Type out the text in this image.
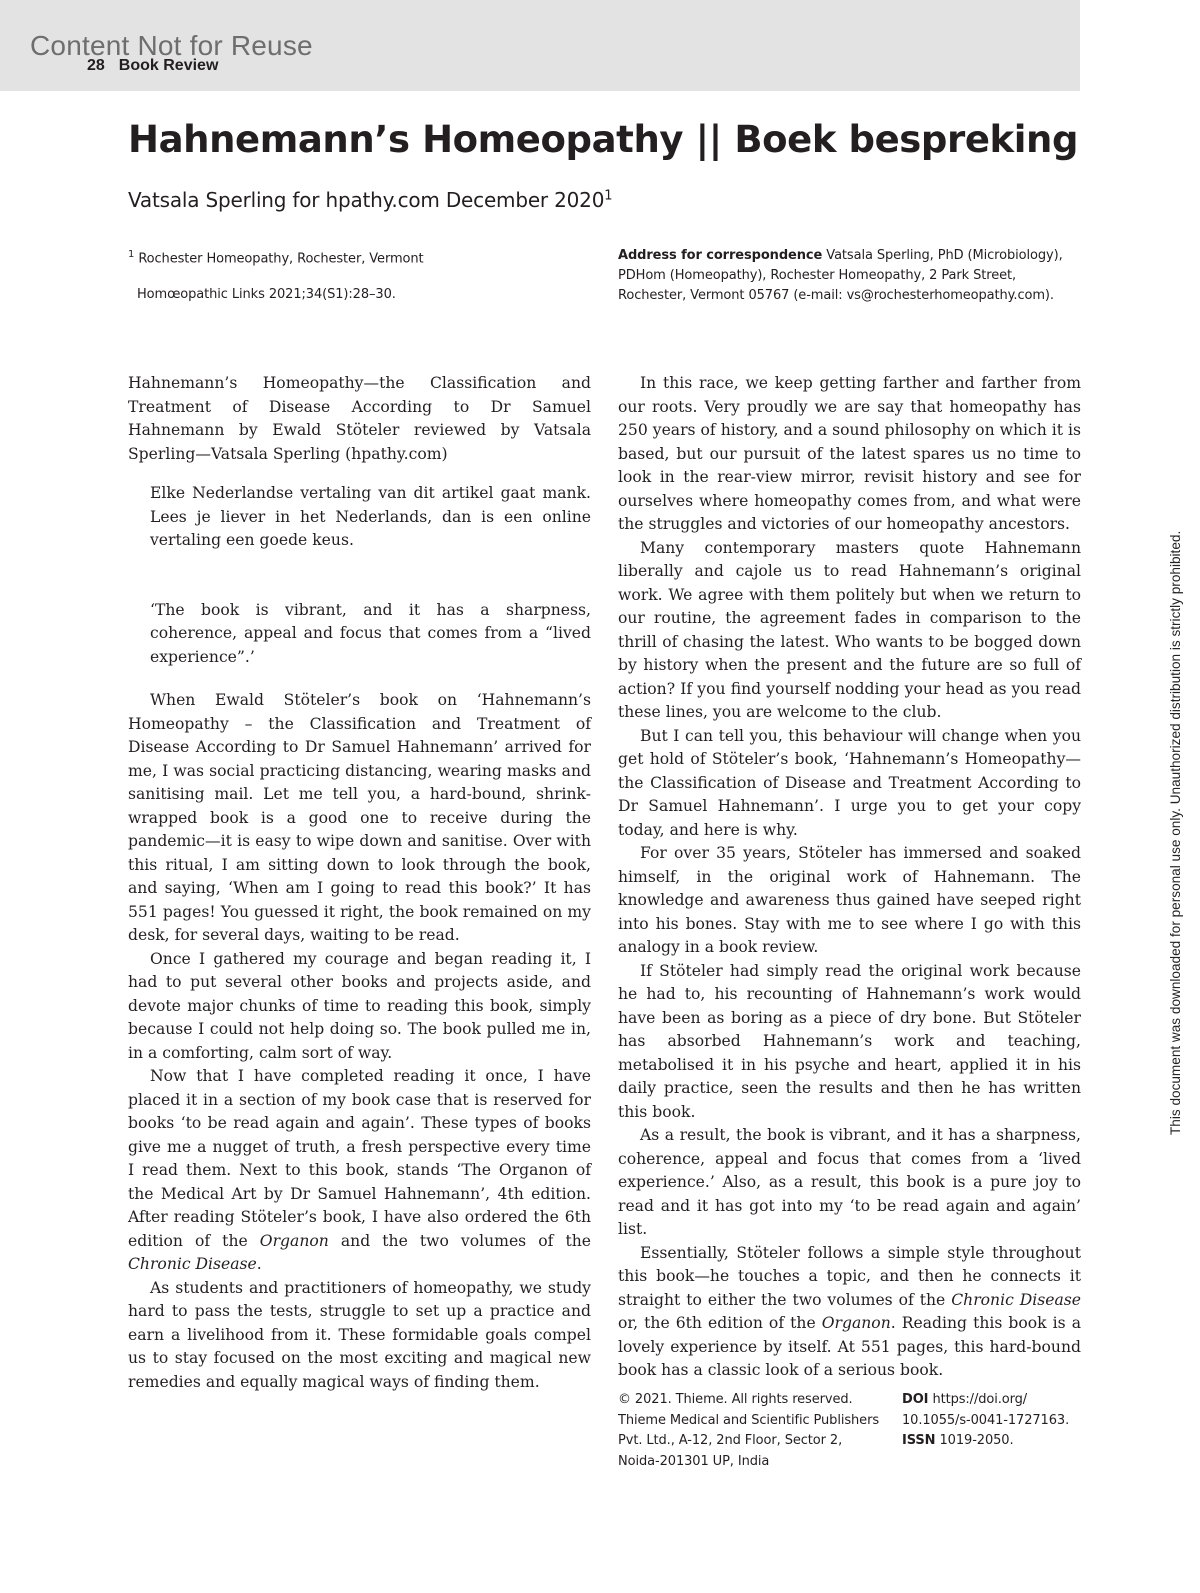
Content Not for Reuse
28 Book Review
Hahnemann’s Homeopathy || Boek bespreking
Vatsala Sperling for hpathy.com December 2020$^1$
$^1$ Rochester Homeopathy, Rochester, Vermont
Homœopathic Links 2021;34(S1):28–30.
Address for correspondence Vatsala Sperling, PhD (Microbiology),
PDHom (Homeopathy), Rochester Homeopathy, 2 Park Street,
Rochester, Vermont 05767 (e-mail: vs@rochesterhomeopathy.com).

Hahnemann’s Homeopathy—the Classification and Treatment of Disease According to Dr Samuel Hahnemann by Ewald Stöteler reviewed by Vatsala Sperling—Vatsala Sperling (hpathy.com)

Elke Nederlandse vertaling van dit artikel gaat mank. Lees je liever in het Nederlands, dan is een online vertaling een goede keus.

‘The book is vibrant, and it has a sharpness, coherence, appeal and focus that comes from a “lived experience”.’

When Ewald Stöteler’s book on ‘Hahnemann’s Homeopathy – the Classification and Treatment of Disease According to Dr Samuel Hahnemann’ arrived for me, I was social practicing distancing, wearing masks and sanitising mail. Let me tell you, a hard-bound, shrink-wrapped book is a good one to receive during the pandemic—it is easy to wipe down and sanitise. Over with this ritual, I am sitting down to look through the book, and saying, ‘When am I going to read this book?’ It has 551 pages! You guessed it right, the book remained on my desk, for several days, waiting to be read.

Once I gathered my courage and began reading it, I had to put several other books and projects aside, and devote major chunks of time to reading this book, simply because I could not help doing so. The book pulled me in, in a comforting, calm sort of way.

Now that I have completed reading it once, I have placed it in a section of my book case that is reserved for books ‘to be read again and again’. These types of books give me a nugget of truth, a fresh perspective every time I read them. Next to this book, stands ‘The Organon of the Medical Art by Dr Samuel Hahnemann’, 4th edition. After reading Stöteler’s book, I have also ordered the 6th edition of the Organon and the two volumes of the Chronic Disease.

As students and practitioners of homeopathy, we study hard to pass the tests, struggle to set up a practice and earn a livelihood from it. These formidable goals compel us to stay focused on the most exciting and magical new remedies and equally magical ways of finding them.

In this race, we keep getting farther and farther from our roots. Very proudly we are say that homeopathy has 250 years of history, and a sound philosophy on which it is based, but our pursuit of the latest spares us no time to look in the rear-view mirror, revisit history and see for ourselves where homeopathy comes from, and what were the struggles and victories of our homeopathy ancestors.

Many contemporary masters quote Hahnemann liberally and cajole us to read Hahnemann’s original work. We agree with them politely but when we return to our routine, the agreement fades in comparison to the thrill of chasing the latest. Who wants to be bogged down by history when the present and the future are so full of action? If you find yourself nodding your head as you read these lines, you are welcome to the club.

But I can tell you, this behaviour will change when you get hold of Stöteler’s book, ‘Hahnemann’s Homeopathy—the Classification of Disease and Treatment According to Dr Samuel Hahnemann’. I urge you to get your copy today, and here is why.

For over 35 years, Stöteler has immersed and soaked himself, in the original work of Hahnemann. The knowledge and awareness thus gained have seeped right into his bones. Stay with me to see where I go with this analogy in a book review.

If Stöteler had simply read the original work because he had to, his recounting of Hahnemann’s work would have been as boring as a piece of dry bone. But Stöteler has absorbed Hahnemann’s work and teaching, metabolised it in his psyche and heart, applied it in his daily practice, seen the results and then he has written this book.

As a result, the book is vibrant, and it has a sharpness, coherence, appeal and focus that comes from a ‘lived experience.’ Also, as a result, this book is a pure joy to read and it has got into my ‘to be read again and again’ list.

Essentially, Stöteler follows a simple style throughout this book—he touches a topic, and then he connects it straight to either the two volumes of the Chronic Disease or, the 6th edition of the Organon. Reading this book is a lovely experience by itself. At 551 pages, this hard-bound book has a classic look of a serious book.

© 2021. Thieme. All rights reserved.
Thieme Medical and Scientific Publishers
Pvt. Ltd., A-12, 2nd Floor, Sector 2,
Noida-201301 UP, India
DOI https://doi.org/
10.1055/s-0041-1727163.
ISSN 1019-2050.
This document was downloaded for personal use only. Unauthorized distribution is strictly prohibited.
